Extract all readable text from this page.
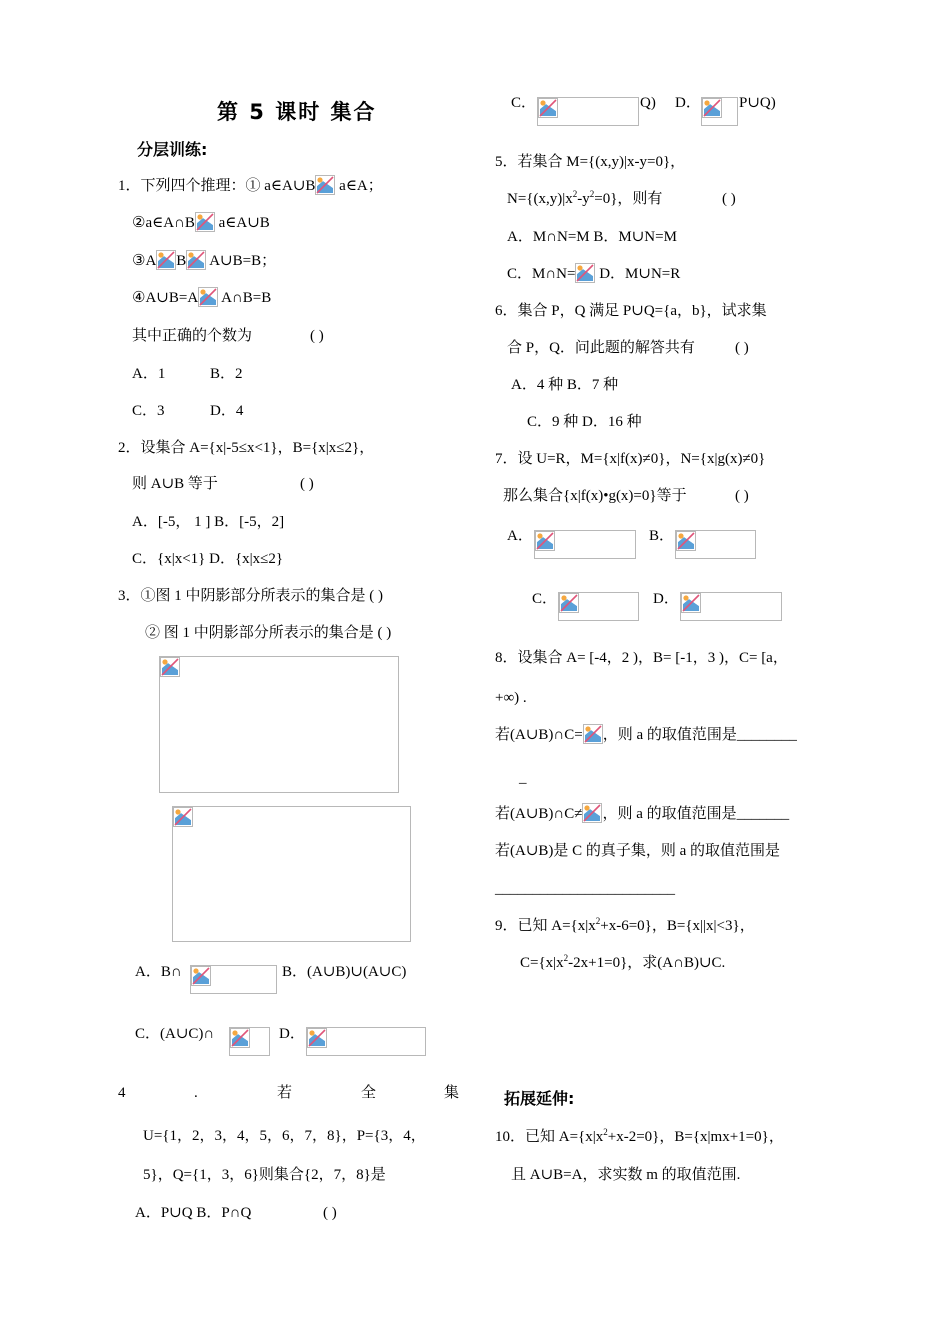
第 5 课时 集合
分层训练:
1．下列四个推理：① a∈A∪B
a∈A；
②a∈A∩B
a∈A∪B
③A B
A∪B=B；
④A∪B=A
A∩B=B
其中正确的个数为	( )
A．1	B．2
C．3	D．4
2．设集合 A={x|-5≤x<1}，B={x|x≤2}，
则 A∪B 等于	( )
A．[-5， 1 ] B．[-5，2]
C．{x|x<1} D．{x|x≤2}
3．①图 1 中阴影部分所表示的集合是 ( )
② 图 1 中阴影部分所表示的集合是 ( )
A．B∩	B．(A∪B)∪(A∪C)
C．(A∪C)∩	D．
4	.	若	全	集
U={1，2，3，4，5，6，7，8}，P={3，4，
5}，Q={1，3，6}则集合{2，7，8}是
A．P∪Q B．P∩Q	( )
C．	Q) D．	P∪Q)
5．若集合 M={(x,y)|x-y=0}，
$N=\{(x,y)|x^2-y^2=0\}$，则有	( )
A．M∩N=M B．M∪N=M
C．M∩N=
D．M∪N=R
6．集合 P，Q 满足 P∪Q={a，b}，试求集
合 P，Q．问此题的解答共有	( )
A．4 种 B．7 种
C．9 种 D．16 种
7．设 U=R，M={x|f(x)≠0}，N={x|g(x)≠0}
那么集合{x|f(x)•g(x)=0}等于	( )
A．	B．
C．	D．
8．设集合 A= [-4，2 )，B= [-1，3 )，C= [a，
+∞) .
若(A∪B)∩C= ，则 a 的取值范围是________
_
若(A∪B)∩C≠ ，则 a 的取值范围是_______
若(A∪B)是 C 的真子集，则 a 的取值范围是
________________________
9．已知 $A=\{x|x^2+x-6=0\}$，B={x||x|<3}，
$C=\{x|x^2-2x+1=0\}$，求(A∩B)∪C.
拓展延伸:
10．已知 $A=\{x|x^2+x-2=0\}$，B={x|mx+1=0}，
且 A∪B=A，求实数 m 的取值范围.
